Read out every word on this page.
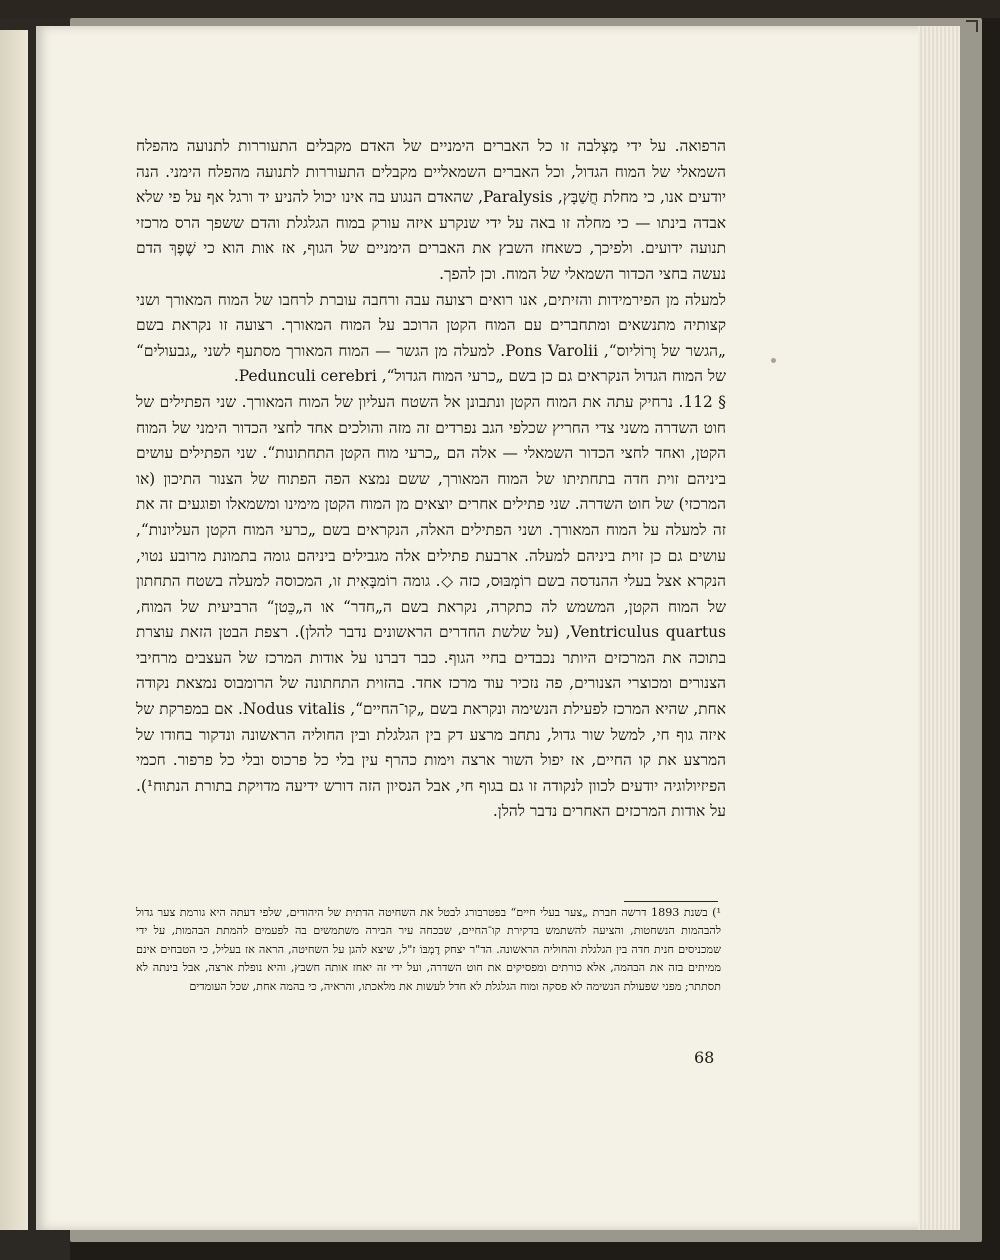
הרפואה. על ידי מַצְלבה זו כל האברים הימניים של האדם מקבלים התעוררות לתנועה מהפלח השמאלי של המוח הגדול, וכל האברים השמאליים מקבלים התעוררות לתנועה מהפלח הימני. הנה יודעים אנו, כי מחלת חֲשַׁבָּץ, Paralysis, שהאדם הנגוע בה אינו יכול להניע יד ורגל אף על פי שלא אבדה בינתו — כי מחלה זו באה על ידי שנקרע איזה עורק במוח הגלגלת והדם ששפך הרס מרכזי תנועה ידועים. ולפיכך, כשאחז השבץ את האברים הימניים של הגוף, אז אות הוא כי שֶׁפֶךְ הדם נעשה בחצי הכדור השמאלי של המוח. וכן להפך.

למעלה מן הפירמידות והזיתים, אנו רואים רצועה עבה ורחבה עוברת לרחבו של המוח המאורך ושני קצותיה מתנשאים ומתחברים עם המוח הקטן הרוכב על המוח המאורך. רצועה זו נקראת בשם „הגשר של וָרוֹליוס“, Pons Varolii. למעלה מן הגשר — המוח המאורך מסתעף לשני „גבעולים“ של המוח הגדול הנקראים גם כן בשם „כרעי המוח הגדול“, Pedunculi cerebri.

§ 112. נרחיק עתה את המוח הקטן ונתבונן אל השטח העליון של המוח המאורך. שני הפתילים של חוט השדרה משני צדי החריץ שכלפי הגב נפרדים זה מזה והולכים אחד לחצי הכדור הימני של המוח הקטן, ואחד לחצי הכדור השמאלי — אלה הם „כרעי מוח הקטן התחתונות“. שני הפתילים עושים ביניהם זוית חדה בתחתיתו של המוח המאורך, ששם נמצא הפה הפתוח של הצנור התיכון (או המרכזי) של חוט השדרה. שני פתילים אחרים יוצאים מן המוח הקטן מימינו ומשמאלו ופוגעים זה את זה למעלה על המוח המאורך. ושני הפתילים האלה, הנקראים בשם „כרעי המוח הקטן העליונות“, עושים גם כן זוית ביניהם למעלה. ארבעת פתילים אלה מגבילים ביניהם גומה בתמונת מרובע נטוי, הנקרא אצל בעלי ההנדסה בשם רוֹמְבּוּס, כזה ◇. גומה רוֹמבָּאִית זו, המכוסה למעלה בשטח התחתון של המוח הקטן, המשמש לה כתקרה, נקראת בשם ה„חדר“ או ה„כֵּטן“ הרביעית של המוח, Ventriculus quartus, (על שלשת החדרים הראשונים נדבר להלן). רצפת הבטן הזאת עוצרת בתוכה את המרכזים היותר נכבדים בחיי הגוף. כבר דברנו על אודות המרכז של העצבים מרחיבי הצנורים ומכוצרי הצנורים, פה נזכיר עוד מרכז אחד. בהזוית התחתונה של הרומבוס נמצאת נקודה אחת, שהיא המרכז לפעילת הנשימה ונקראת בשם „קו־החיים“, Nodus vitalis. אם במפרקת של איזה גוף חי, למשל שור גדול, נתחב מרצע דק בין הגלגלת ובין החוליה הראשונה ונדקור בחודו של המרצע את קו החיים, אז יפול השור ארצה וימות כהרף עין בלי כל פרכוס ובלי כל פרפור. חכמי הפיזיולוגיה יודעים לכוון לנקודה זו גם בגוף חי, אבל הנסיון הזה דורש ידיעה מדויקת בתורת הנתוח¹). על אודות המרכזים האחרים נדבר להלן.

¹) בשנת 1893 דרשה חברת „צער בעלי חיים“ בפטרבורג לבטל את השחיטה הדתית של היהודים, שלפי דעתה היא גורמת צער גדול להבהמות הנשחטות, והציעה להשתמש בדקירת קו־החיים, שבכחה עיר הבירה משתמשים בה לפעמים להמתת הבהמות, על ידי שמכניסים חנית חדה בין הגלגלת והחוליה הראשונה. הד"ר יצחק דֶמְבּוֹ ז"ל, שיצא להגן על השחיטה, הראה אז בעליל, כי הטבחים אינם ממיתים בזה את הבהמה, אלא כורתים ומפסיקים את חוט השדרה, ועל ידי זה יאחז אותה חשבץ, והיא נופלת ארצה, אבל בינתה לא תסתתר; מפני שפעולת הנשימה לא פסקה ומוח הגלגלת לא חדל לעשות את מלאכתו, והראיה, כי בהמה אחת, שכל העומדים
68
